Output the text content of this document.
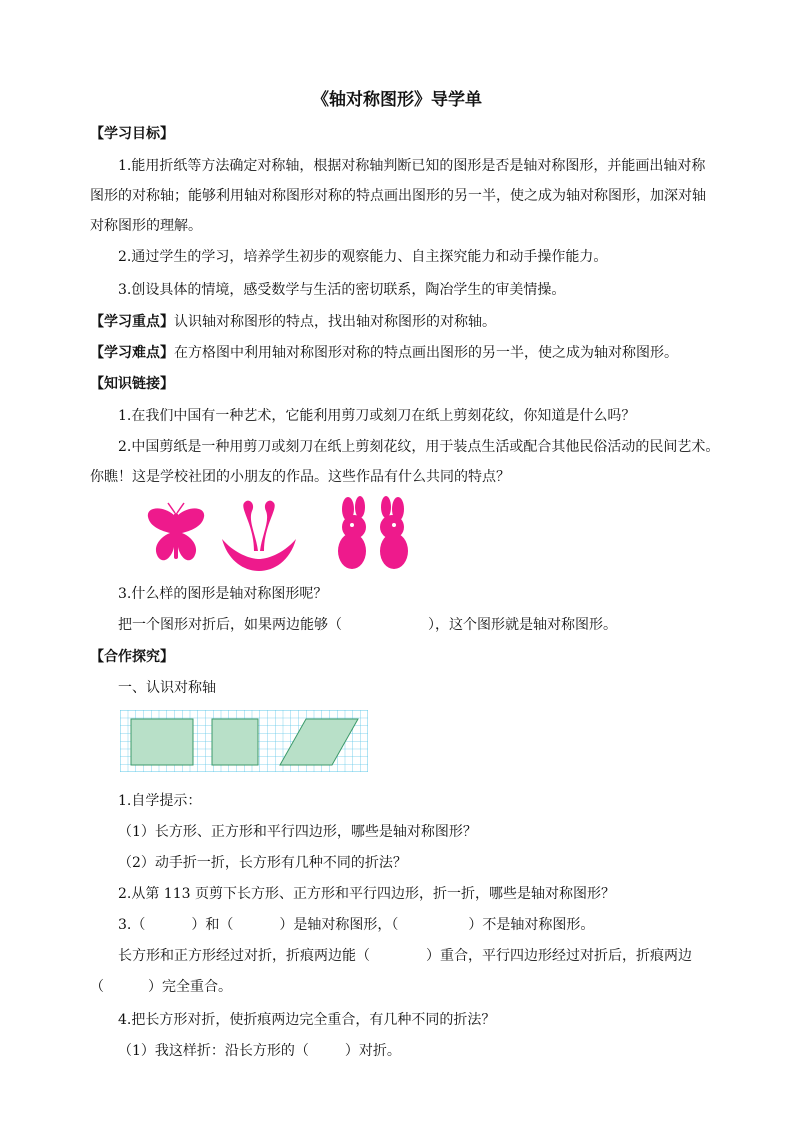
《轴对称图形》导学单
【学习目标】
1.能用折纸等方法确定对称轴，根据对称轴判断已知的图形是否是轴对称图形，并能画出轴对称
图形的对称轴；能够利用轴对称图形对称的特点画出图形的另一半，使之成为轴对称图形，加深对轴
对称图形的理解。
2.通过学生的学习，培养学生初步的观察能力、自主探究能力和动手操作能力。
3.创设具体的情境，感受数学与生活的密切联系，陶冶学生的审美情操。
【学习重点】认识轴对称图形的特点，找出轴对称图形的对称轴。
【学习难点】在方格图中利用轴对称图形对称的特点画出图形的另一半，使之成为轴对称图形。
【知识链接】
1.在我们中国有一种艺术，它能利用剪刀或刻刀在纸上剪刻花纹，你知道是什么吗？
2.中国剪纸是一种用剪刀或刻刀在纸上剪刻花纹，用于装点生活或配合其他民俗活动的民间艺术。
你瞧！这是学校社团的小朋友的作品。这些作品有什么共同的特点？
3.什么样的图形是轴对称图形呢？
把一个图形对折后，如果两边能够（	），这个图形就是轴对称图形。
【合作探究】
一、认识对称轴
1.自学提示：
（1）长方形、正方形和平行四边形，哪些是轴对称图形？
（2）动手折一折，长方形有几种不同的折法？
2.从第 113 页剪下长方形、正方形和平行四边形，折一折，哪些是轴对称图形？
3.（	）和（	）是轴对称图形，（	）不是轴对称图形。
长方形和正方形经过对折，折痕两边能（	）重合，平行四边形经过对折后，折痕两边
（	）完全重合。
4.把长方形对折，使折痕两边完全重合，有几种不同的折法？
（1）我这样折：沿长方形的（	）对折。
